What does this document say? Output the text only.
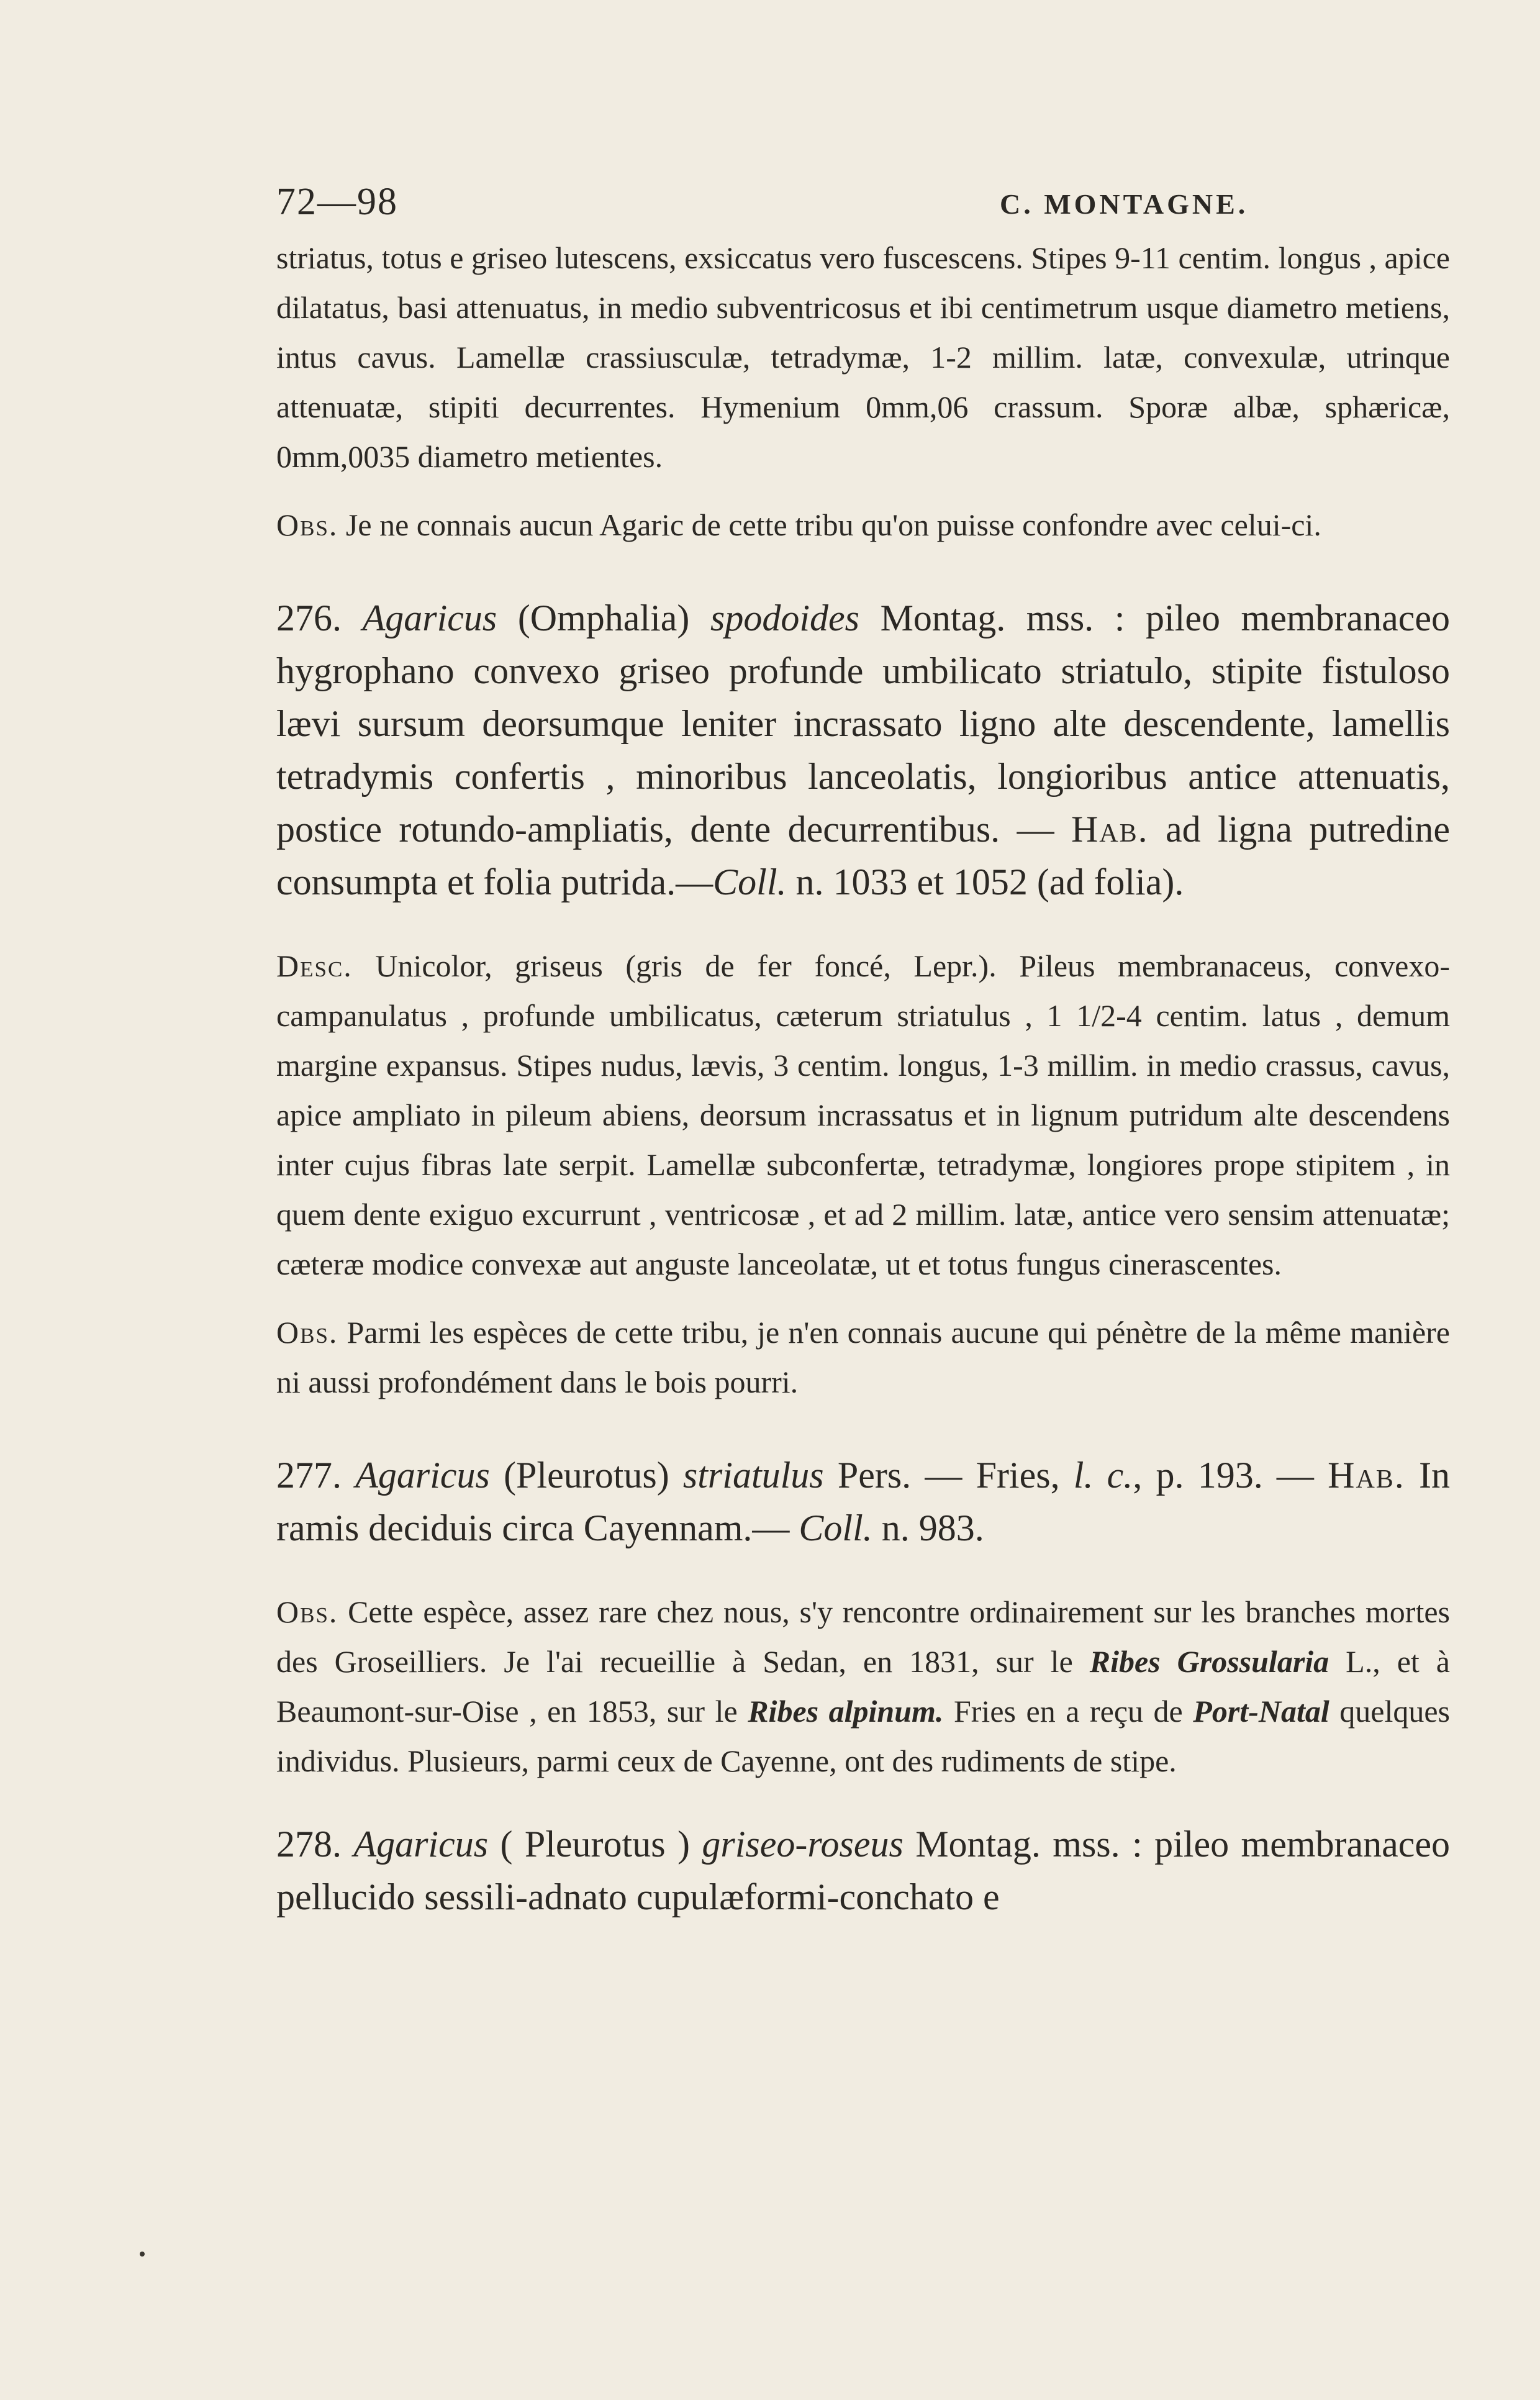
72—98	C. MONTAGNE.

striatus, totus e griseo lutescens, exsiccatus vero fuscescens. Stipes 9-11 centim. longus , apice dilatatus, basi attenuatus, in medio subventricosus et ibi centimetrum usque diametro metiens, intus cavus. Lamellæ crassiusculæ, tetradymæ, 1-2 millim. latæ, convexulæ, utrinque attenuatæ, stipiti decurrentes. Hymenium 0mm,06 crassum. Sporæ albæ, sphæricæ, 0mm,0035 diametro metientes.

Obs. Je ne connais aucun Agaric de cette tribu qu'on puisse confondre avec celui-ci.

276. Agaricus (Omphalia) spodoides Montag. mss. : pileo membranaceo hygrophano convexo griseo profunde umbilicato striatulo, stipite fistuloso lævi sursum deorsumque leniter incrassato ligno alte descendente, lamellis tetradymis confertis , minoribus lanceolatis, longioribus antice attenuatis, postice rotundo-ampliatis, dente decurrentibus. — Hab. ad ligna putredine consumpta et folia putrida.—Coll. n. 1033 et 1052 (ad folia).

Desc. Unicolor, griseus (gris de fer foncé, Lepr.). Pileus membranaceus, convexo-campanulatus , profunde umbilicatus, cæterum striatulus , 1 1/2-4 centim. latus , demum margine expansus. Stipes nudus, lævis, 3 centim. longus, 1-3 millim. in medio crassus, cavus, apice ampliato in pileum abiens, deorsum incrassatus et in lignum putridum alte descendens inter cujus fibras late serpit. Lamellæ subconfertæ, tetradymæ, longiores prope stipitem , in quem dente exiguo excurrunt , ventricosæ , et ad 2 millim. latæ, antice vero sensim attenuatæ; cæteræ modice convexæ aut anguste lanceolatæ, ut et totus fungus cinerascentes.

Obs. Parmi les espèces de cette tribu, je n'en connais aucune qui pénètre de la même manière ni aussi profondément dans le bois pourri.

277. Agaricus (Pleurotus) striatulus Pers. — Fries, l. c., p. 193. — Hab. In ramis deciduis circa Cayennam.— Coll. n. 983.

Obs. Cette espèce, assez rare chez nous, s'y rencontre ordinairement sur les branches mortes des Groseilliers. Je l'ai recueillie à Sedan, en 1831, sur le Ribes Grossularia L., et à Beaumont-sur-Oise , en 1853, sur le Ribes alpinum. Fries en a reçu de Port-Natal quelques individus. Plusieurs, parmi ceux de Cayenne, ont des rudiments de stipe.

278. Agaricus ( Pleurotus ) griseo-roseus Montag. mss. : pileo membranaceo pellucido sessili-adnato cupulæformi-conchato e
